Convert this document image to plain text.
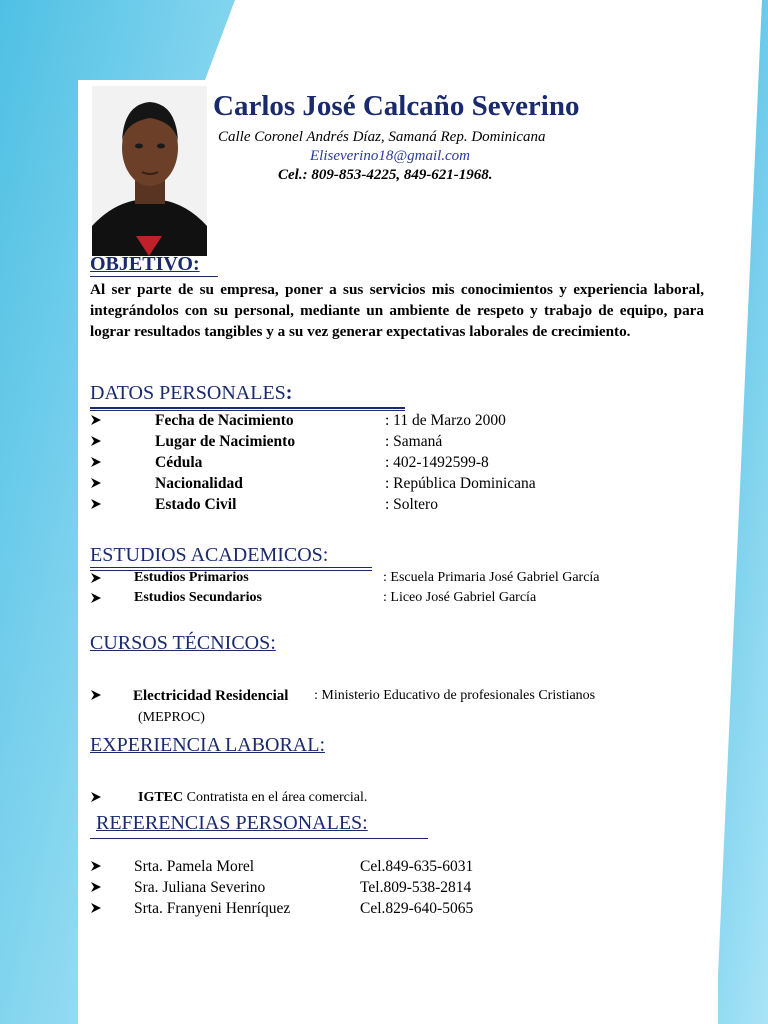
Carlos José Calcaño Severino
Calle Coronel Andrés Díaz, Samaná Rep. Dominicana
Eliseverino18@gmail.com
Cel.: 809-853-4225, 849-621-1968.
OBJETIVO:
Al ser parte de su empresa, poner a sus servicios mis conocimientos y experiencia laboral, integrándolos con su personal, mediante un ambiente de respeto y trabajo de equipo, para lograr resultados tangibles y a su vez generar expectativas laborales de crecimiento.
DATOS PERSONALES:
Fecha de Nacimiento	: 11 de Marzo 2000
Lugar de Nacimiento	: Samaná
Cédula	: 402-1492599-8
Nacionalidad	: República Dominicana
Estado Civil	: Soltero
ESTUDIOS ACADEMICOS:
Estudios Primarios	: Escuela Primaria José Gabriel García
Estudios Secundarios	: Liceo José Gabriel García
CURSOS TÉCNICOS:
Electricidad Residencial : Ministerio Educativo de profesionales Cristianos
(MEPROC)
EXPERIENCIA LABORAL:
IGTEC Contratista en el área comercial.
REFERENCIAS PERSONALES:
Srta. Pamela Morel	Cel.849-635-6031
Sra. Juliana Severino	Tel.809-538-2814
Srta. Franyeni Henríquez	Cel.829-640-5065
